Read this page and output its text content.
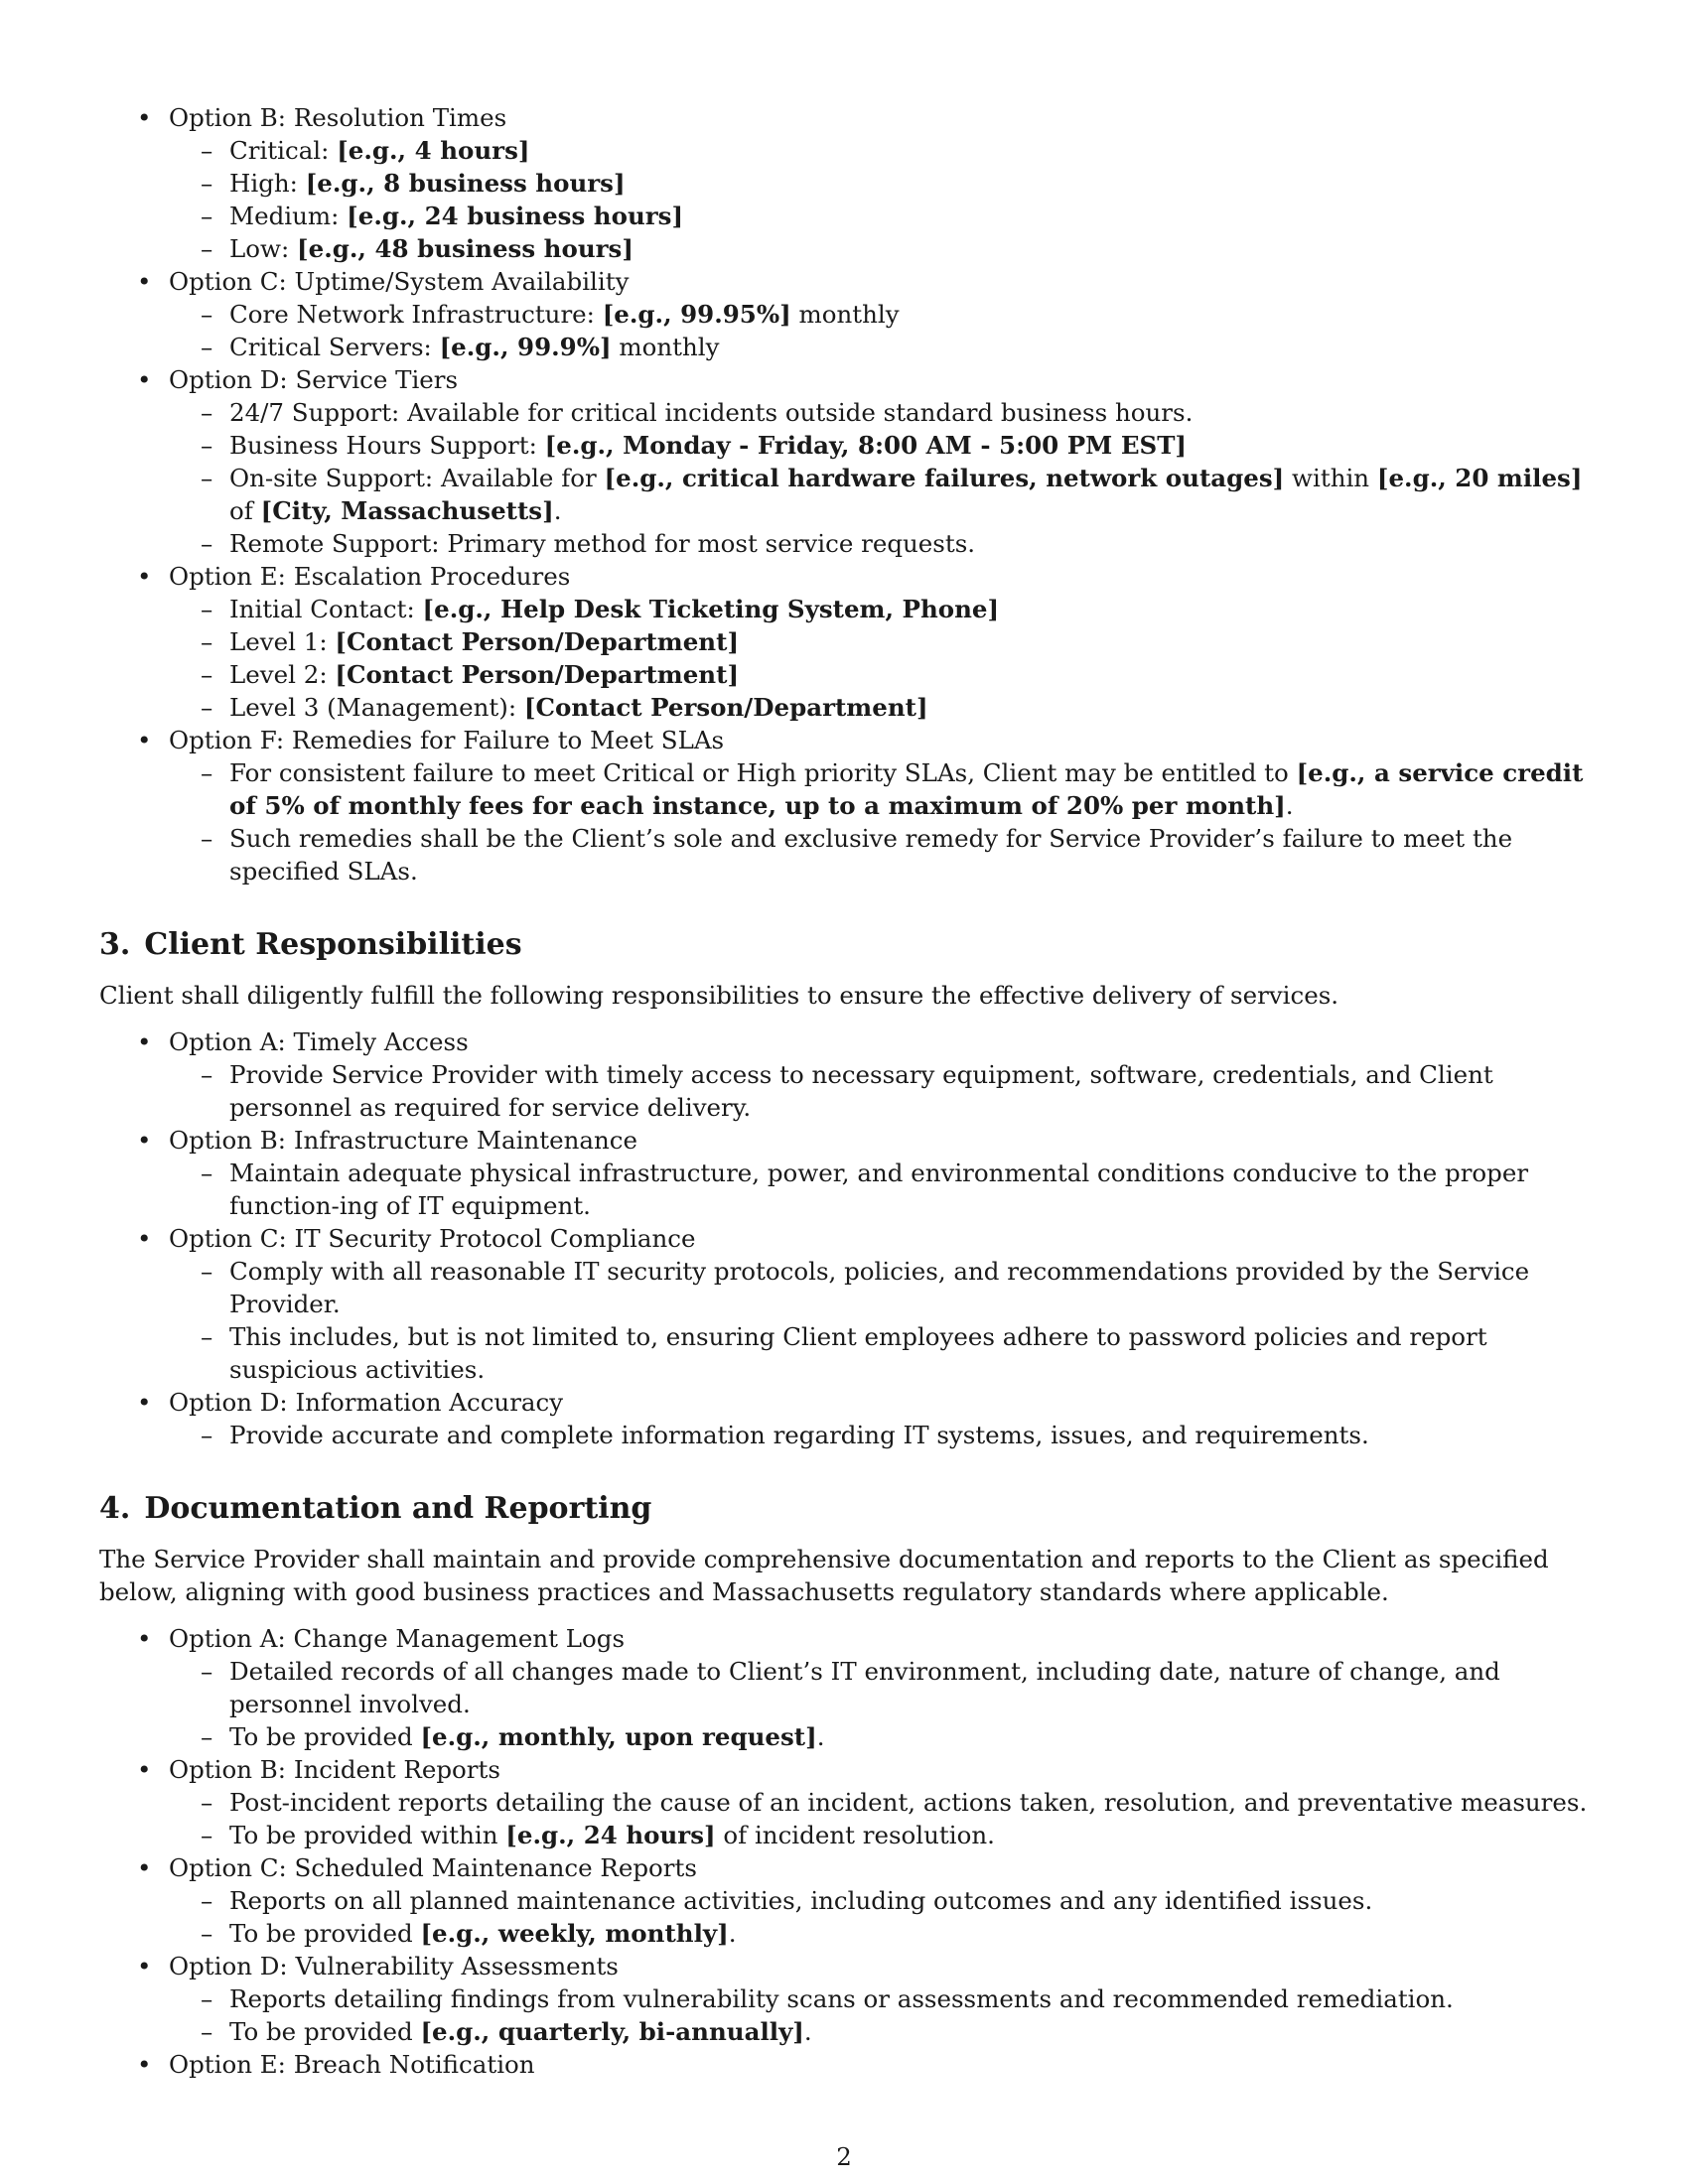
• Option B: Resolution Times
– Critical: [e.g., 4 hours]
– High: [e.g., 8 business hours]
– Medium: [e.g., 24 business hours]
– Low: [e.g., 48 business hours]
• Option C: Uptime/System Availability
– Core Network Infrastructure: [e.g., 99.95%] monthly
– Critical Servers: [e.g., 99.9%] monthly
• Option D: Service Tiers
– 24/7 Support: Available for critical incidents outside standard business hours.
– Business Hours Support: [e.g., Monday - Friday, 8:00 AM - 5:00 PM EST]
– On-site Support: Available for [e.g., critical hardware failures, network outages] within [e.g., 20 miles] of [City, Massachusetts].
– Remote Support: Primary method for most service requests.
• Option E: Escalation Procedures
– Initial Contact: [e.g., Help Desk Ticketing System, Phone]
– Level 1: [Contact Person/Department]
– Level 2: [Contact Person/Department]
– Level 3 (Management): [Contact Person/Department]
• Option F: Remedies for Failure to Meet SLAs
– For consistent failure to meet Critical or High priority SLAs, Client may be entitled to [e.g., a service credit of 5% of monthly fees for each instance, up to a maximum of 20% per month].
– Such remedies shall be the Client’s sole and exclusive remedy for Service Provider’s failure to meet the specified SLAs.
3. Client Responsibilities

Client shall diligently fulfill the following responsibilities to ensure the effective delivery of services.

• Option A: Timely Access
– Provide Service Provider with timely access to necessary equipment, software, credentials, and Client personnel as required for service delivery.
• Option B: Infrastructure Maintenance
– Maintain adequate physical infrastructure, power, and environmental conditions conducive to the proper function-ing of IT equipment.
• Option C: IT Security Protocol Compliance
– Comply with all reasonable IT security protocols, policies, and recommendations provided by the Service Provider.
– This includes, but is not limited to, ensuring Client employees adhere to password policies and report suspicious activities.
• Option D: Information Accuracy
– Provide accurate and complete information regarding IT systems, issues, and requirements.
4. Documentation and Reporting

The Service Provider shall maintain and provide comprehensive documentation and reports to the Client as specified below, aligning with good business practices and Massachusetts regulatory standards where applicable.

• Option A: Change Management Logs
– Detailed records of all changes made to Client’s IT environment, including date, nature of change, and personnel involved.
– To be provided [e.g., monthly, upon request].
• Option B: Incident Reports
– Post-incident reports detailing the cause of an incident, actions taken, resolution, and preventative measures.
– To be provided within [e.g., 24 hours] of incident resolution.
• Option C: Scheduled Maintenance Reports
– Reports on all planned maintenance activities, including outcomes and any identified issues.
– To be provided [e.g., weekly, monthly].
• Option D: Vulnerability Assessments
– Reports detailing findings from vulnerability scans or assessments and recommended remediation.
– To be provided [e.g., quarterly, bi-annually].
• Option E: Breach Notification
2
